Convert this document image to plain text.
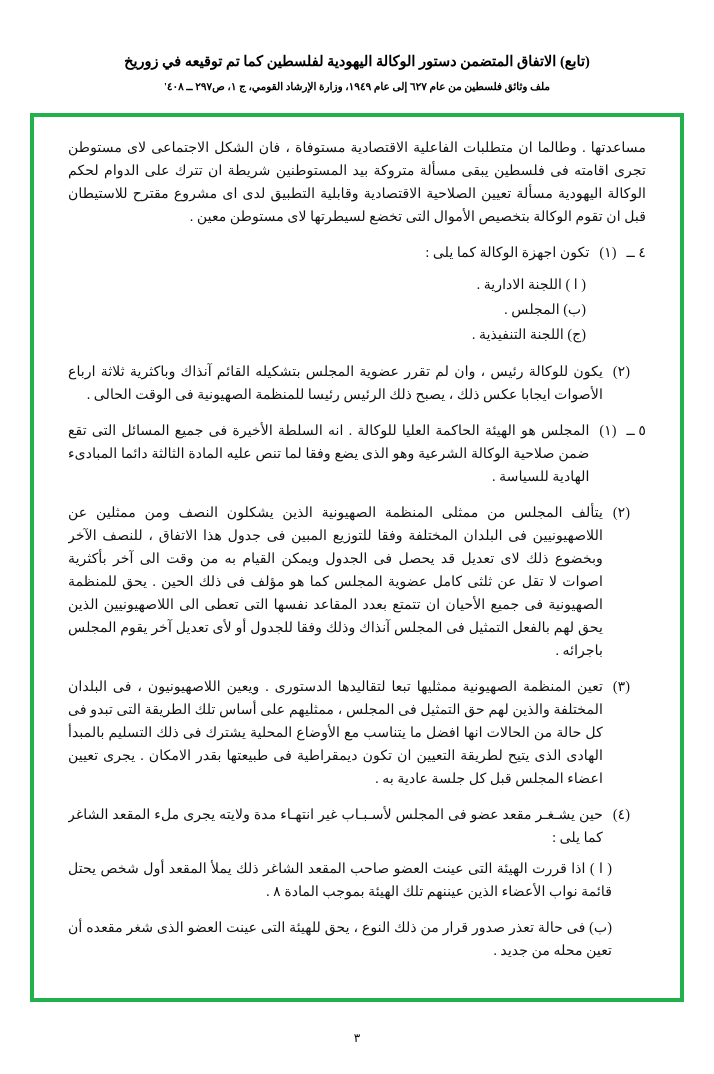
(تابع) الاتفاق المتضمن دستور الوكالة اليهودية لفلسطين كما تم توقيعه في زوريخ
ملف وثائق فلسطين من عام ٦٢٧ إلى عام ١٩٤٩، وزارة الإرشاد القومي، ج ١، ص٢٩٧ ــ ٤٠٨'

مساعدتها . وطالما ان متطلبات الفاعلية الاقتصادية مستوفاة ، فان الشكل الاجتماعى لاى مستوطن تجرى اقامته فى فلسطين يبقى مسألة متروكة بيد المستوطنين شريطة ان تترك على الدوام لحكم الوكالة اليهودية مسألة تعيين الصلاحية الاقتصادية وقابلية التطبيق لدى اى مشروع مقترح للاستيطان قبل ان تقوم الوكالة بتخصيص الأموال التى تخضع لسيطرتها لاى مستوطن معين .

٤ ــ
(١)

تكون اجهزة الوكالة كما يلى :

( ا ) اللجنة الادارية .
(ب) المجلس .
(ج) اللجنة التنفيذية .
(٢)

يكون للوكالة رئيس ، وان لم تقرر عضوية المجلس بتشكيله القائم آنذاك وباكثرية ثلاثة ارباع الأصوات ايجابا عكس ذلك ، يصبح ذلك الرئيس رئيسا للمنظمة الصهيونية فى الوقت الحالى .

٥ ــ
(١)

المجلس هو الهيئة الحاكمة العليا للوكالة . انه السلطة الأخيرة فى جميع المسائل التى تقع ضمن صلاحية الوكالة الشرعية وهو الذى يضع وفقا لما تنص عليه المادة الثالثة دائما المبادىء الهادية للسياسة .

(٢)

يتألف المجلس من ممثلى المنظمة الصهيونية الذين يشكلون النصف ومن ممثلين عن اللاصهيونيين فى البلدان المختلفة وفقا للتوزيع المبين فى جدول هذا الاتفاق ، للنصف الآخر وبخضوع ذلك لاى تعديل قد يحصل فى الجدول ويمكن القيام به من وقت الى آخر بأكثرية اصوات لا تقل عن ثلثى كامل عضوية المجلس كما هو مؤلف فى ذلك الحين . يحق للمنظمة الصهيونية فى جميع الأحيان ان تتمتع بعدد المقاعد نفسها التى تعطى الى اللاصهيونيين الذين يحق لهم بالفعل التمثيل فى المجلس آنذاك وذلك وفقا للجدول أو لأى تعديل آخر يقوم المجلس باجرائه .

(٣)

تعين المنظمة الصهيونية ممثليها تبعا لتقاليدها الدستورى . ويعين اللاصهيونيون ، فى البلدان المختلفة والذين لهم حق التمثيل فى المجلس ، ممثليهم على أساس تلك الطريقة التى تبدو فى كل حالة من الحالات انها افضل ما يتناسب مع الأوضاع المحلية يشترك فى ذلك التسليم بالمبدأ الهادى الذى يتيح لطريقة التعيين ان تكون ديمقراطية فى طبيعتها بقدر الامكان . يجرى تعيين اعضاء المجلس قبل كل جلسة عادية به .

(٤)

حين يشـغـر مقعد عضو فى المجلس لأسـبـاب غير انتهـاء مدة ولايته يجرى ملء المقعد الشاغر كما يلى :

( ا ) اذا قررت الهيئة التى عينت العضو صاحب المقعد الشاغر ذلك يملأ المقعد أول شخص يحتل قائمة نواب الأعضاء الذين عيننهم تلك الهيئة بموجب المادة ٨ .

(ب) فى حالة تعذر صدور قرار من ذلك النوع ، يحق للهيئة التى عينت العضو الذى شغر مقعده أن تعين محله من جديد .

٣
